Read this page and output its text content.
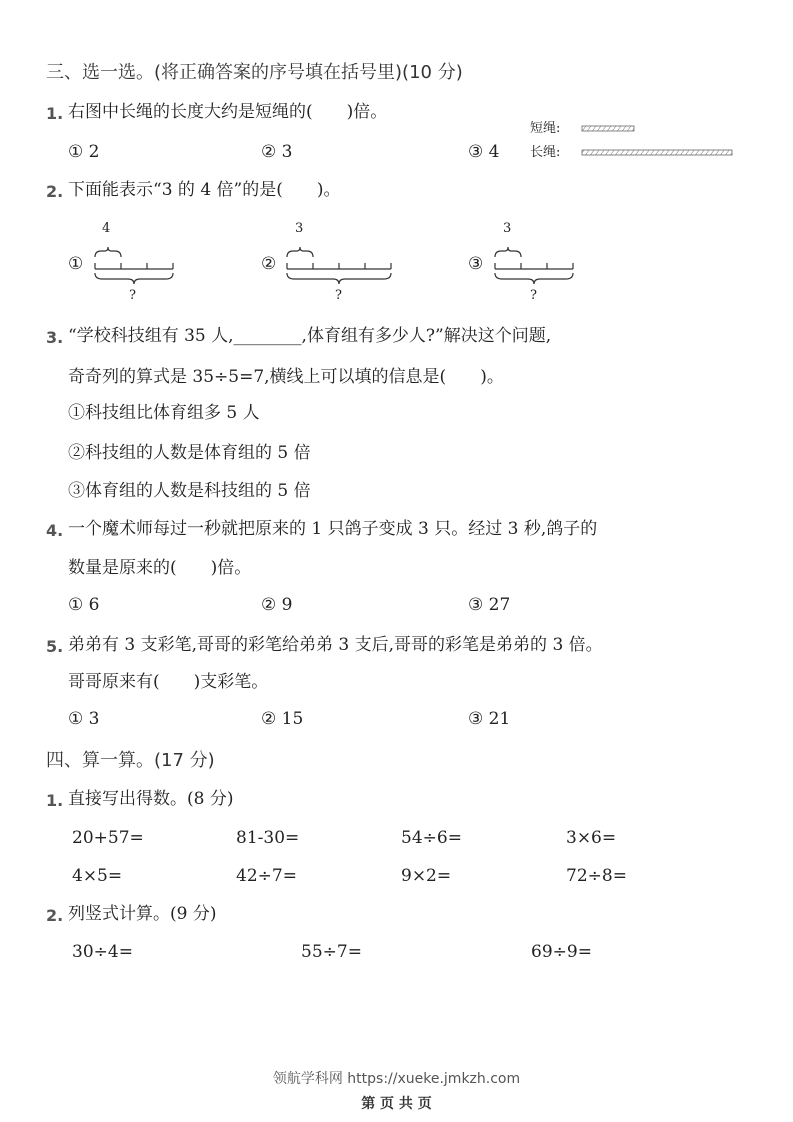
三、选一选。(将正确答案的序号填在括号里)(10 分)
1. 右图中长绳的长度大约是短绳的(　　)倍。
短绳:
长绳:
① 2	② 3	③ 4
2. 下面能表示“3 的 4 倍”的是(　　)。
①
4
?
②
3
?
③
3
?
3. “学校科技组有 35 人,________,体育组有多少人?”解决这个问题,
奇奇列的算式是 35÷5=7,横线上可以填的信息是(　　)。
①科技组比体育组多 5 人
②科技组的人数是体育组的 5 倍
③体育组的人数是科技组的 5 倍
4. 一个魔术师每过一秒就把原来的 1 只鸽子变成 3 只。经过 3 秒,鸽子的
数量是原来的(　　)倍。
① 6	② 9	③ 27
5. 弟弟有 3 支彩笔,哥哥的彩笔给弟弟 3 支后,哥哥的彩笔是弟弟的 3 倍。
哥哥原来有(　　)支彩笔。
① 3	② 15	③ 21
四、算一算。(17 分)
1. 直接写出得数。(8 分)
20+57=	81-30=	54÷6=	3×6=
4×5=	42÷7=	9×2=	72÷8=
2. 列竖式计算。(9 分)
30÷4=	55÷7=	69÷9=
领航学科网 https://xueke.jmkzh.com
第 页 共 页
